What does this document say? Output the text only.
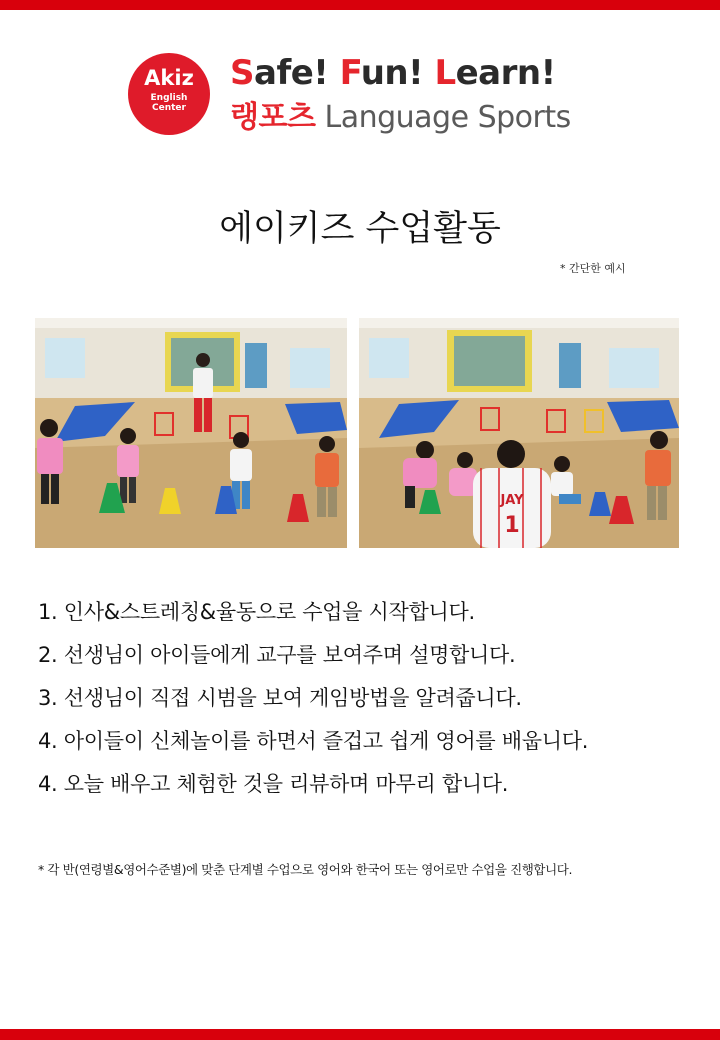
Akiz
English
Center
Safe! Fun! Learn!
랭포츠 Language Sports
에이키즈 수업활동
* 간단한 예시
JAY
1
1. 인사&스트레칭&율동으로 수업을 시작합니다.
2. 선생님이 아이들에게 교구를 보여주며 설명합니다.
3. 선생님이 직접 시범을 보여 게임방법을 알려줍니다.
4. 아이들이 신체놀이를 하면서 즐겁고 쉽게 영어를 배웁니다.
4. 오늘 배우고 체험한 것을 리뷰하며 마무리 합니다.
* 각 반(연령별&영어수준별)에 맞춘 단계별 수업으로 영어와 한국어 또는 영어로만 수업을 진행합니다.
